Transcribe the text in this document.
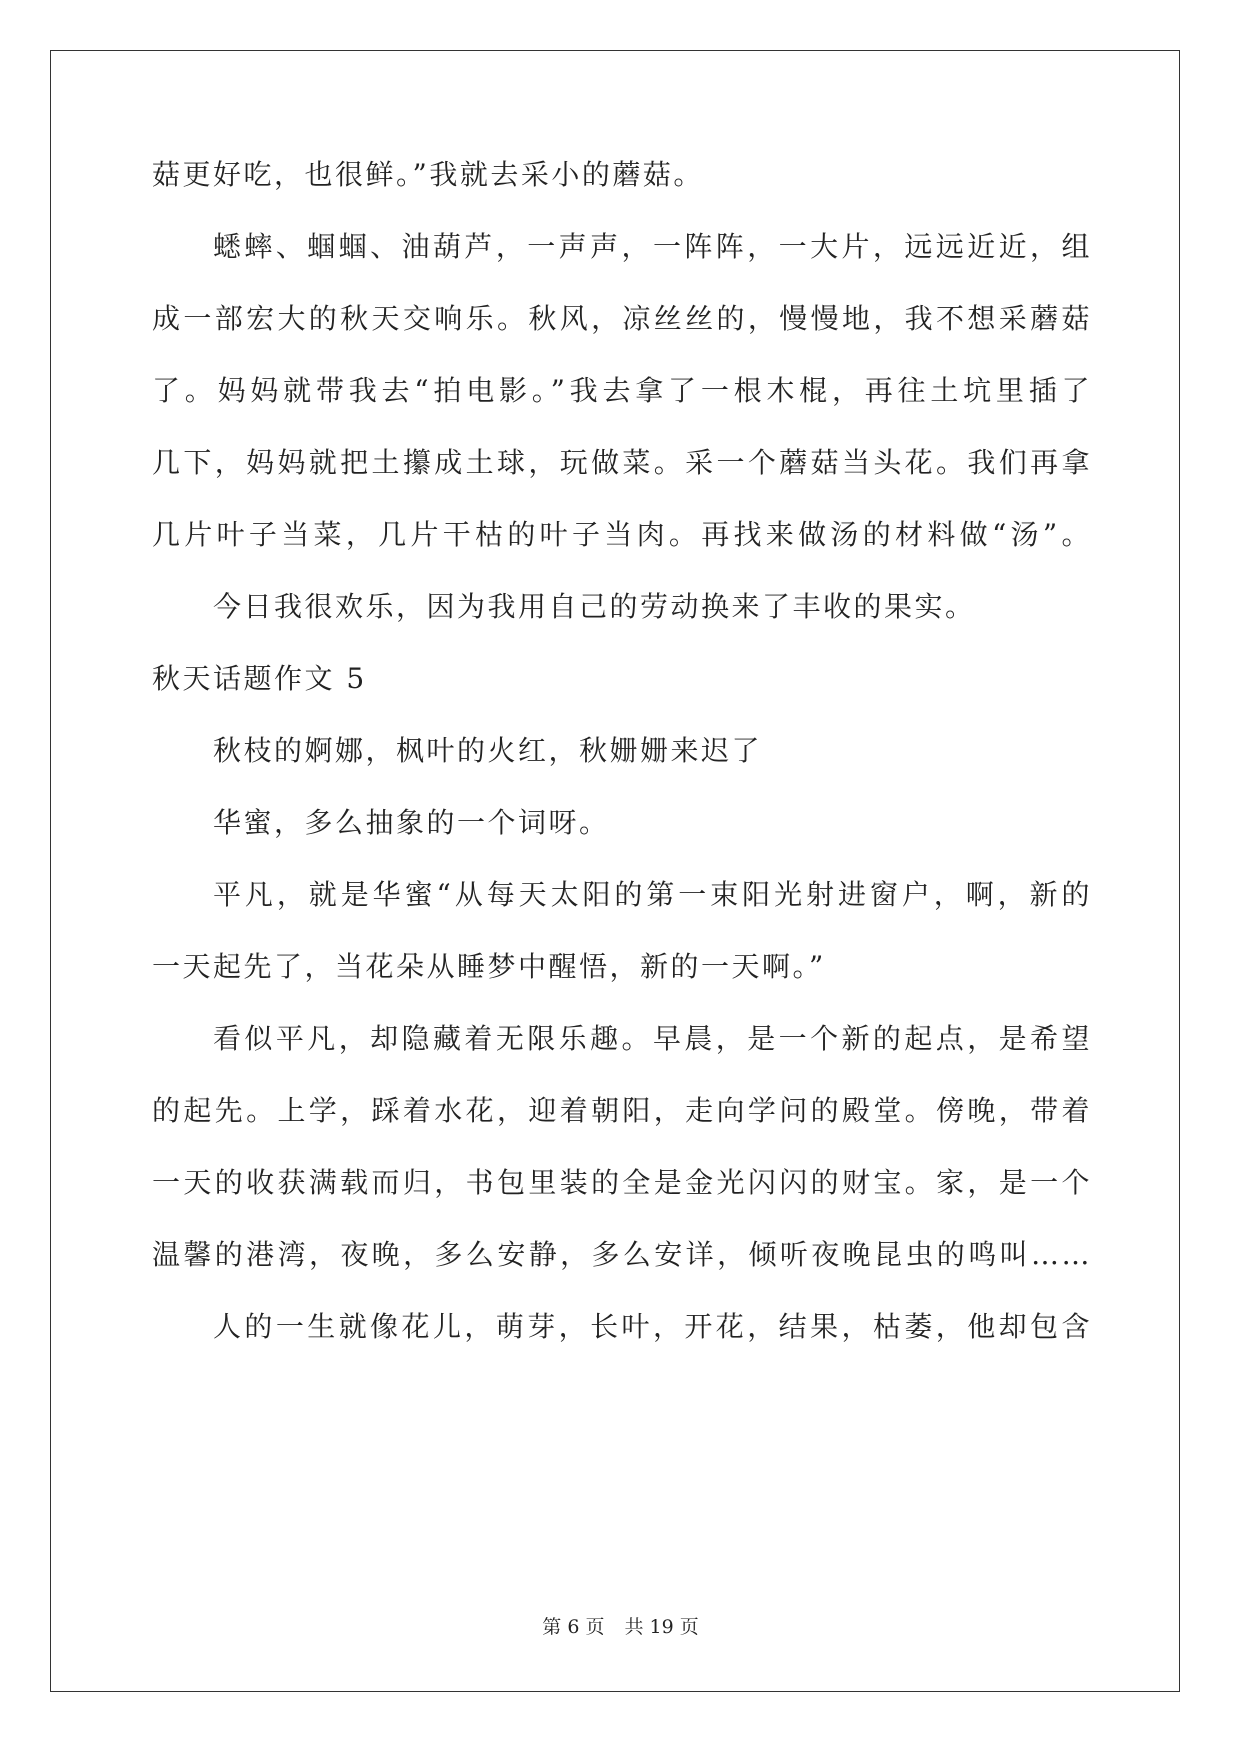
菇更好吃，也很鲜。”我就去采小的蘑菇。
蟋蟀、蝈蝈、油葫芦，一声声，一阵阵，一大片，远远近近，组
成一部宏大的秋天交响乐。秋风，凉丝丝的，慢慢地，我不想采蘑菇
了。妈妈就带我去“拍电影。”我去拿了一根木棍，再往土坑里插了
几下，妈妈就把土攥成土球，玩做菜。采一个蘑菇当头花。我们再拿
几片叶子当菜，几片干枯的叶子当肉。再找来做汤的材料做“汤”。
今日我很欢乐，因为我用自己的劳动换来了丰收的果实。
秋天话题作文 5
秋枝的婀娜，枫叶的火红，秋姗姗来迟了
华蜜，多么抽象的一个词呀。
平凡，就是华蜜“从每天太阳的第一束阳光射进窗户，啊，新的
一天起先了，当花朵从睡梦中醒悟，新的一天啊。”
看似平凡，却隐藏着无限乐趣。早晨，是一个新的起点，是希望
的起先。上学，踩着水花，迎着朝阳，走向学问的殿堂。傍晚，带着
一天的收获满载而归，书包里装的全是金光闪闪的财宝。家，是一个
温馨的港湾，夜晚，多么安静，多么安详，倾听夜晚昆虫的鸣叫……
人的一生就像花儿，萌芽，长叶，开花，结果，枯萎，他却包含
第 6 页 共 19 页
